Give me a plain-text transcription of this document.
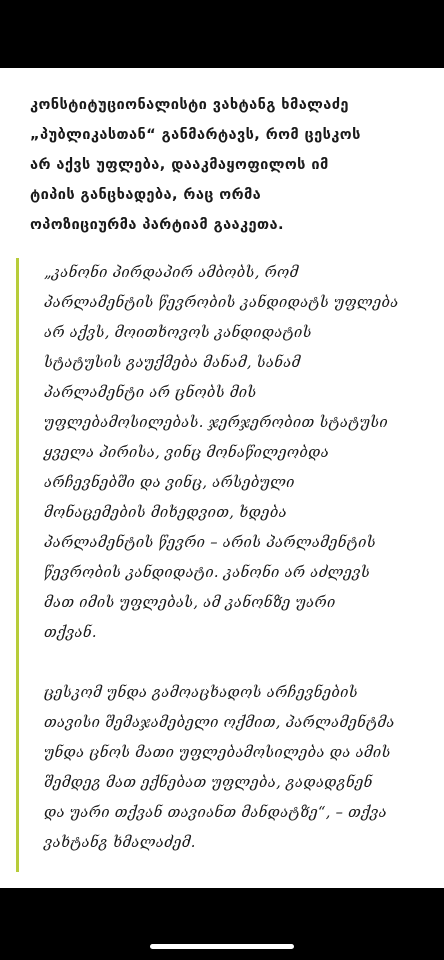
კონსტიტუციონალისტი ვახტანგ ხმალაძე
„პუბლიკასთან“ განმარტავს, რომ ცესკოს
არ აქვს უფლება, დააკმაყოფილოს იმ
ტიპის განცხადება, რაც ორმა
ოპოზიციურმა პარტიამ გააკეთა.

„კანონი პირდაპირ ამბობს, რომ
პარლამენტის წევრობის კანდიდატს უფლება
არ აქვს, მოითხოვოს კანდიდატის
სტატუსის გაუქმება მანამ, სანამ
პარლამენტი არ ცნობს მის
უფლებამოსილებას. ჯერჯერობით სტატუსი
ყველა პირისა, ვინც მონაწილეობდა
არჩევნებში და ვინც, არსებული
მონაცემების მიხედვით, ხდება
პარლამენტის წევრი – არის პარლამენტის
წევრობის კანდიდატი. კანონი არ აძლევს
მათ იმის უფლებას, ამ კანონზე უარი
თქვან.

ცესკომ უნდა გამოაცხადოს არჩევნების
თავისი შემაჯამებელი ოქმით, პარლამენტმა
უნდა ცნოს მათი უფლებამოსილება და ამის
შემდეგ მათ ექნებათ უფლება, გადადგნენ
და უარი თქვან თავიანთ მანდატზე“, – თქვა
ვახტანგ ხმალაძემ.
